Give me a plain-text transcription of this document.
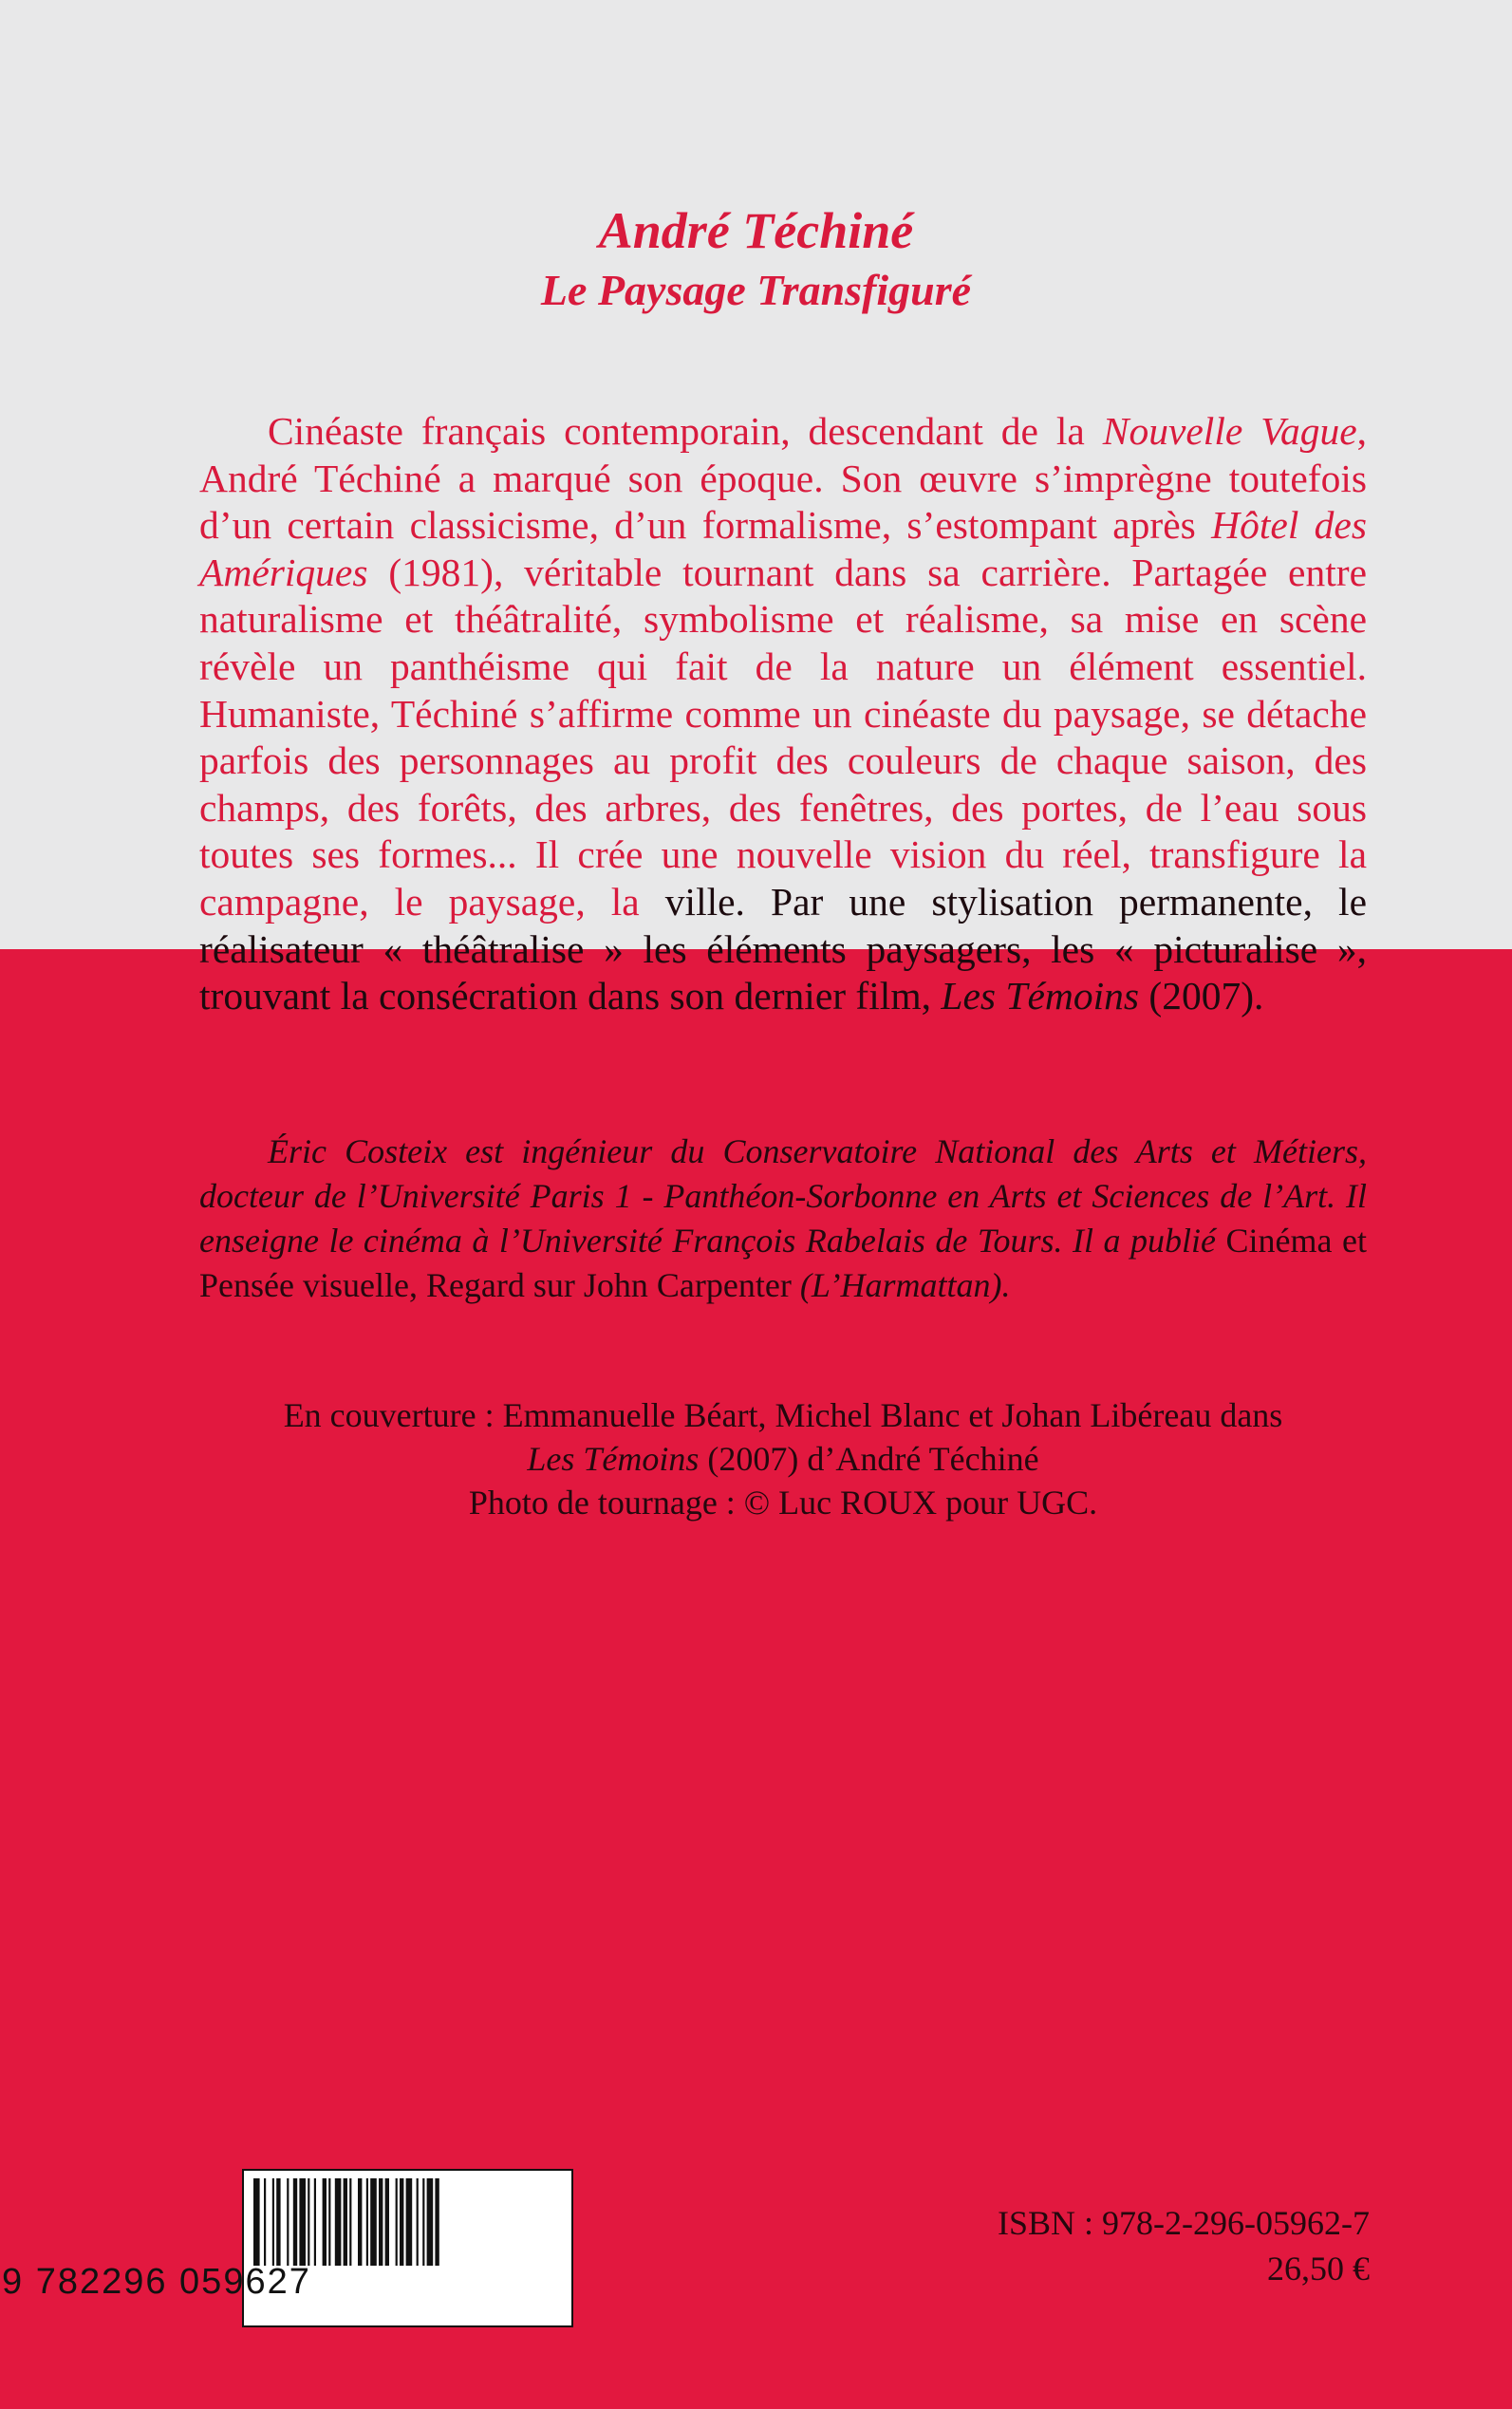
André Téchiné
Le Paysage Transfiguré
Cinéaste français contemporain, descendant de la Nouvelle Vague, André Téchiné a marqué son époque. Son œuvre s’imprègne toutefois d’un certain classicisme, d’un formalisme, s’estompant après Hôtel des Amériques (1981), véritable tournant dans sa carrière. Partagée entre naturalisme et théâtralité, symbolisme et réalisme, sa mise en scène révèle un panthéisme qui fait de la nature un élément essentiel. Humaniste, Téchiné s’affirme comme un cinéaste du paysage, se détache parfois des personnages au profit des couleurs de chaque saison, des champs, des forêts, des arbres, des fenêtres, des portes, de l’eau sous toutes ses formes... Il crée une nouvelle vision du réel, transfigure la campagne, le paysage, la ville. Par une stylisation permanente, le réalisateur « théâtralise » les éléments paysagers, les « picturalise », trouvant la consécration dans son dernier film, Les Témoins (2007).
Éric Costeix est ingénieur du Conservatoire National des Arts et Métiers, docteur de l’Université Paris 1 - Panthéon-Sorbonne en Arts et Sciences de l’Art. Il enseigne le cinéma à l’Université François Rabelais de Tours. Il a publié Cinéma et Pensée visuelle, Regard sur John Carpenter (L’Harmattan).
En couverture : Emmanuelle Béart, Michel Blanc et Johan Libéreau dans
Les Témoins (2007) d’André Téchiné
Photo de tournage : © Luc ROUX pour UGC.
9 782296 059627
ISBN : 978-2-296-05962-7
26,50 €
